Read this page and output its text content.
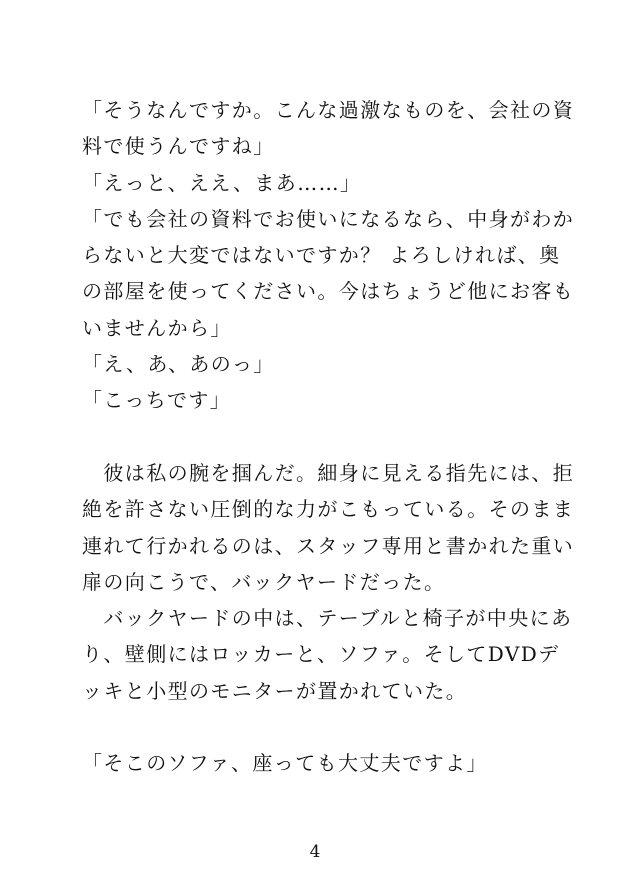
「そうなんですか。こんな過激なものを、会社の資
料で使うんですね」
「えっと、ええ、まあ……」
「でも会社の資料でお使いになるなら、中身がわか
らないと大変ではないですか？ よろしければ、奥
の部屋を使ってください。今はちょうど他にお客も
いませんから」
「え、あ、あのっ」
「こっちです」
　彼は私の腕を掴んだ。細身に見える指先には、拒
絶を許さない圧倒的な力がこもっている。そのまま
連れて行かれるのは、スタッフ専用と書かれた重い
扉の向こうで、バックヤードだった。
　バックヤードの中は、テーブルと椅子が中央にあ
り、壁側にはロッカーと、ソファ。そしてDVDデ
ッキと小型のモニターが置かれていた。
「そこのソファ、座っても大丈夫ですよ」
4
